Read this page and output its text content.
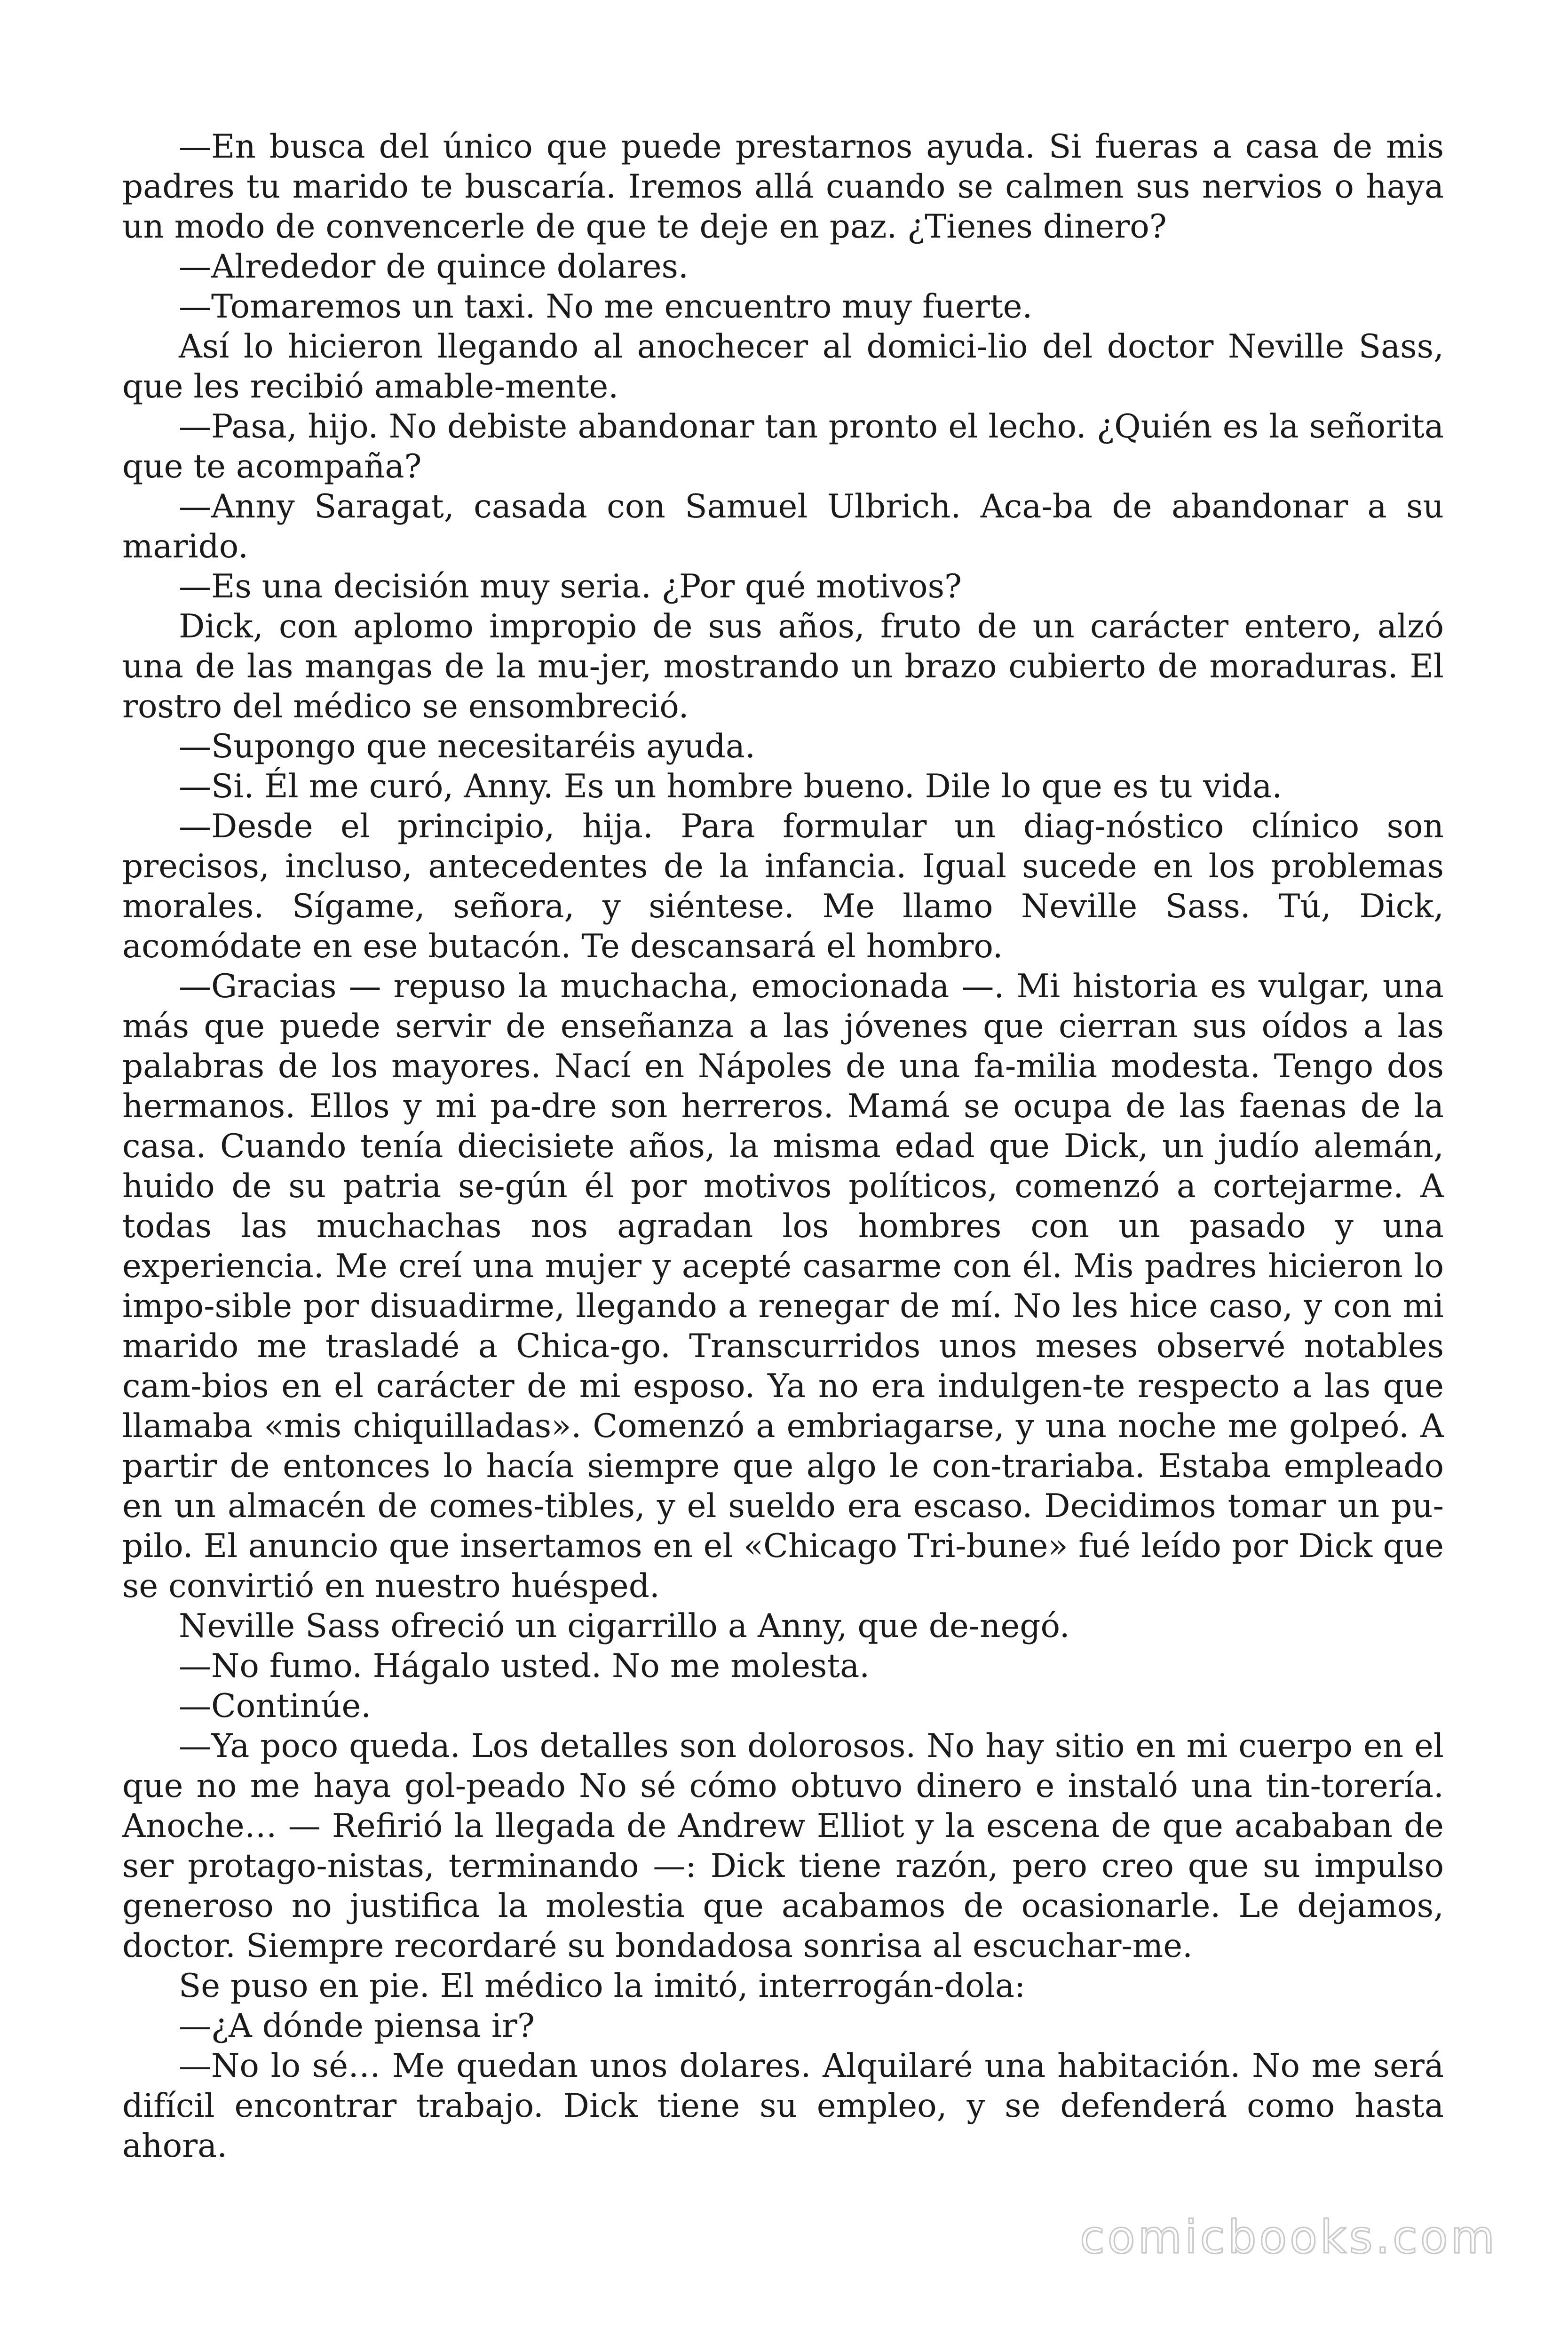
—En busca del único que puede prestarnos ayuda. Si fueras a casa de mis padres tu marido te buscaría. Iremos allá cuando se calmen sus nervios o haya un modo de convencerle de que te deje en paz. ¿Tienes dinero?

—Alrededor de quince dolares.

—Tomaremos un taxi. No me encuentro muy fuerte.

Así lo hicieron llegando al anochecer al domici-lio del doctor Neville Sass, que les recibió amable-mente.

—Pasa, hijo. No debiste abandonar tan pronto el lecho. ¿Quién es la señorita que te acompaña?

—Anny Saragat, casada con Samuel Ulbrich. Aca-ba de abandonar a su marido.

—Es una decisión muy seria. ¿Por qué motivos?

Dick, con aplomo impropio de sus años, fruto de un carácter entero, alzó una de las mangas de la mu-jer, mostrando un brazo cubierto de moraduras. El rostro del médico se ensombreció.

—Supongo que necesitaréis ayuda.

—Si. Él me curó, Anny. Es un hombre bueno. Dile lo que es tu vida.

—Desde el principio, hija. Para formular un diag-nóstico clínico son precisos, incluso, antecedentes de la infancia. Igual sucede en los problemas morales. Sígame, señora, y siéntese. Me llamo Neville Sass. Tú, Dick, acomódate en ese butacón. Te descansará el hombro.

—Gracias — repuso la muchacha, emocionada —. Mi historia es vulgar, una más que puede servir de enseñanza a las jóvenes que cierran sus oídos a las palabras de los mayores. Nací en Nápoles de una fa-milia modesta. Tengo dos hermanos. Ellos y mi pa-dre son herreros. Mamá se ocupa de las faenas de la casa. Cuando tenía diecisiete años, la misma edad que Dick, un judío alemán, huido de su patria se-gún él por motivos políticos, comenzó a cortejarme. A todas las muchachas nos agradan los hombres con un pasado y una experiencia. Me creí una mujer y acepté casarme con él. Mis padres hicieron lo impo-sible por disuadirme, llegando a renegar de mí. No les hice caso, y con mi marido me trasladé a Chica-go. Transcurridos unos meses observé notables cam-bios en el carácter de mi esposo. Ya no era indulgen-te respecto a las que llamaba «mis chiquilladas». Comenzó a embriagarse, y una noche me golpeó. A partir de entonces lo hacía siempre que algo le con-trariaba. Estaba empleado en un almacén de comes-tibles, y el sueldo era escaso. Decidimos tomar un pu-pilo. El anuncio que insertamos en el «Chicago Tri-bune» fué leído por Dick que se convirtió en nuestro huésped.

Neville Sass ofreció un cigarrillo a Anny, que de-negó.

—No fumo. Hágalo usted. No me molesta.

—Continúe.

—Ya poco queda. Los detalles son dolorosos. No hay sitio en mi cuerpo en el que no me haya gol-peado No sé cómo obtuvo dinero e instaló una tin-torería. Anoche… — Refirió la llegada de Andrew Elliot y la escena de que acababan de ser protago-nistas, terminando —: Dick tiene razón, pero creo que su impulso generoso no justifica la molestia que acabamos de ocasionarle. Le dejamos, doctor. Siempre recordaré su bondadosa sonrisa al escuchar-me.

Se puso en pie. El médico la imitó, interrogán-dola:

—¿A dónde piensa ir?

—No lo sé… Me quedan unos dolares. Alquilaré una habitación. No me será difícil encontrar trabajo. Dick tiene su empleo, y se defenderá como hasta ahora.

comicbooks.com
